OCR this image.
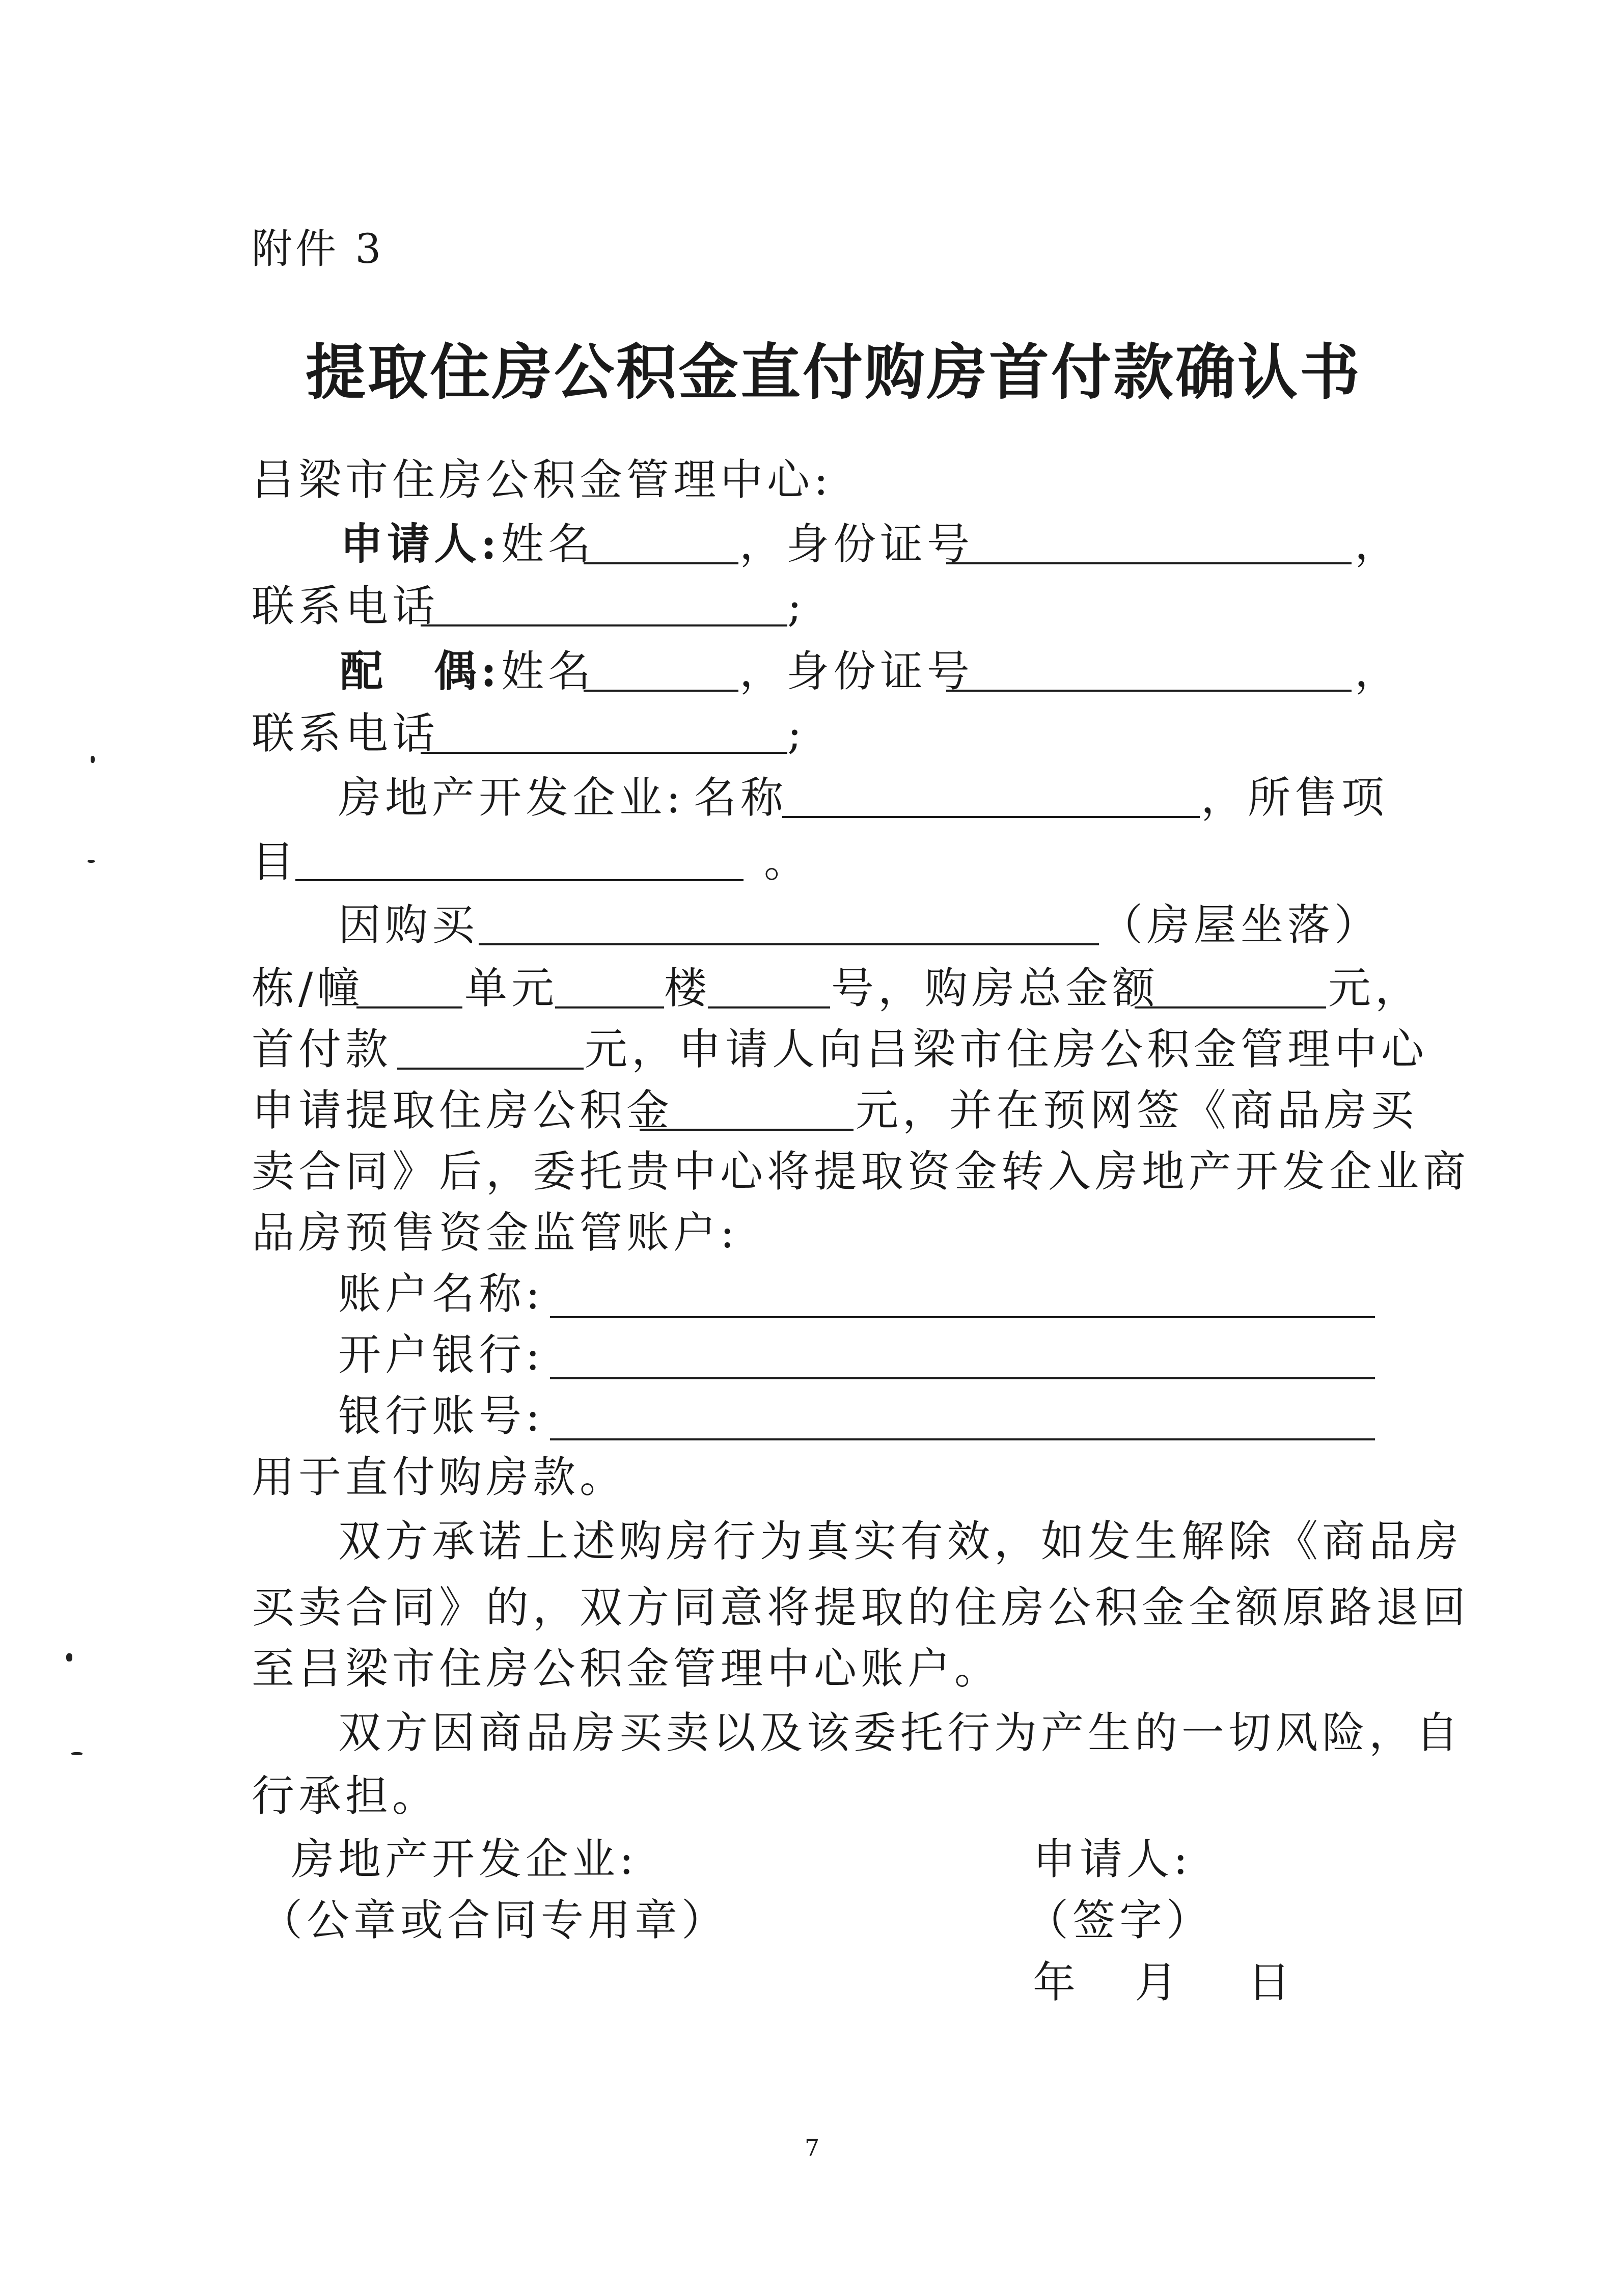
附件 3
提取住房公积金直付购房首付款确认书
吕梁市住房公积金管理中心:
申请人: 姓名	，身份证号	，
联系电话	;
配　偶: 姓名	，身份证号	，
联系电话	;
房地产开发企业: 名称	，所售项
目	。
因购买	（房屋坐落）
栋/幢 单元 楼	号，购房总金额	元，
首付款	元，申请人向吕梁市住房公积金管理中心
申请提取住房公积金	元，并在预网签《商品房买
卖合同》后，委托贵中心将提取资金转入房地产开发企业商
品房预售资金监管账户:
账户名称:
开户银行:
银行账号:
用于直付购房款。
双方承诺上述购房行为真实有效，如发生解除《商品房
买卖合同》的，双方同意将提取的住房公积金全额原路退回
至吕梁市住房公积金管理中心账户。
双方因商品房买卖以及该委托行为产生的一切风险，自
行承担。
房地产开发企业:	申请人:
（公章或合同专用章）	（签字）
年 月 日
7
